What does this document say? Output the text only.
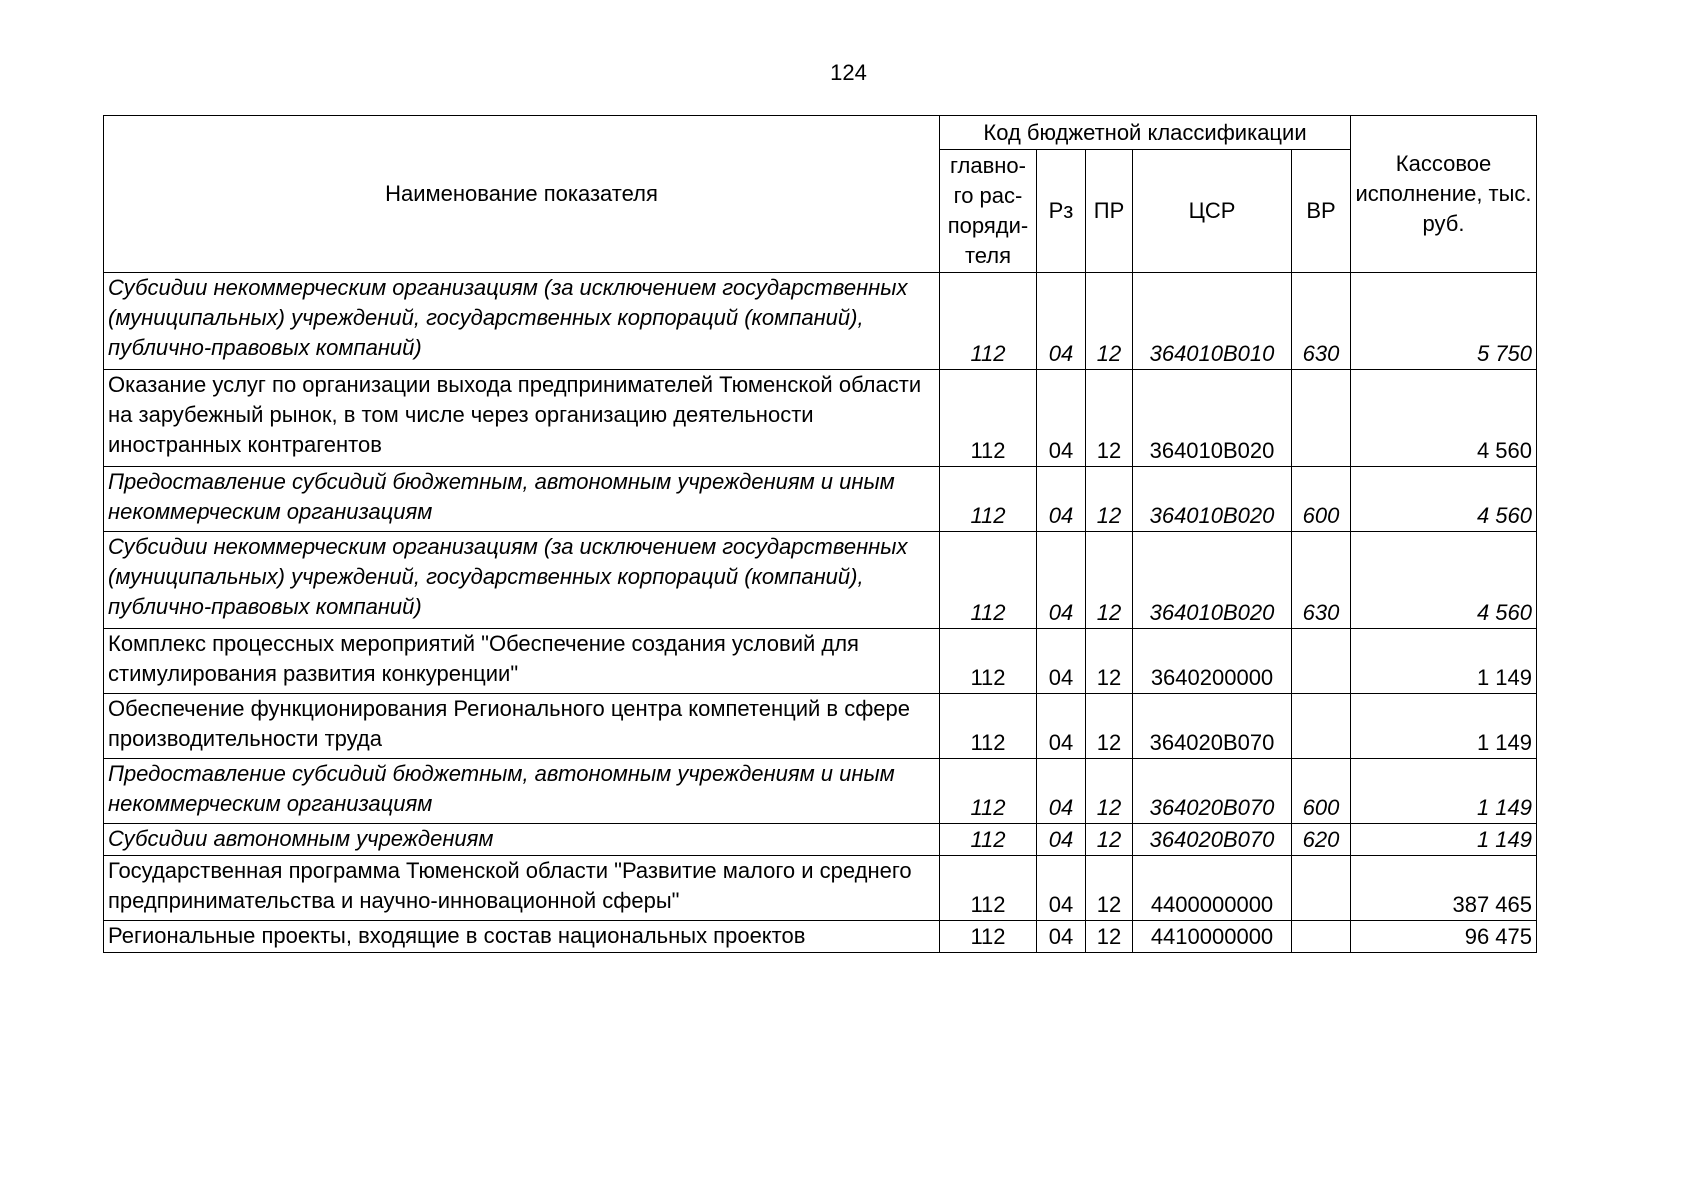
124
Наименование показателя	Код бюджетной классификации					Кассовое исполнение, тыс. руб.
	главно-го рас-поряди-теля	Рз	ПР	ЦСР	ВР	
Субсидии некоммерческим организациям (за исключением государственных (муниципальных) учреждений, государственных корпораций (компаний), публично-правовых компаний)	112	04	12	364010В010	630	5 750
Оказание услуг по организации выхода предпринимателей Тюменской области на зарубежный рынок, в том числе через организацию деятельности иностранных контрагентов	112	04	12	364010В020		4 560
Предоставление субсидий бюджетным, автономным учреждениям и иным некоммерческим организациям	112	04	12	364010В020	600	4 560
Субсидии некоммерческим организациям (за исключением государственных (муниципальных) учреждений, государственных корпораций (компаний), публично-правовых компаний)	112	04	12	364010В020	630	4 560
Комплекс процессных мероприятий "Обеспечение создания условий для стимулирования развития конкуренции"	112	04	12	3640200000		1 149
Обеспечение функционирования Регионального центра компетенций в сфере производительности труда	112	04	12	364020В070		1 149
Предоставление субсидий бюджетным, автономным учреждениям и иным некоммерческим организациям	112	04	12	364020В070	600	1 149
Субсидии автономным учреждениям	112	04	12	364020В070	620	1 149
Государственная программа Тюменской области "Развитие малого и среднего предпринимательства и научно-инновационной сферы"	112	04	12	4400000000		387 465
Региональные проекты, входящие в состав национальных проектов	112	04	12	4410000000		96 475
